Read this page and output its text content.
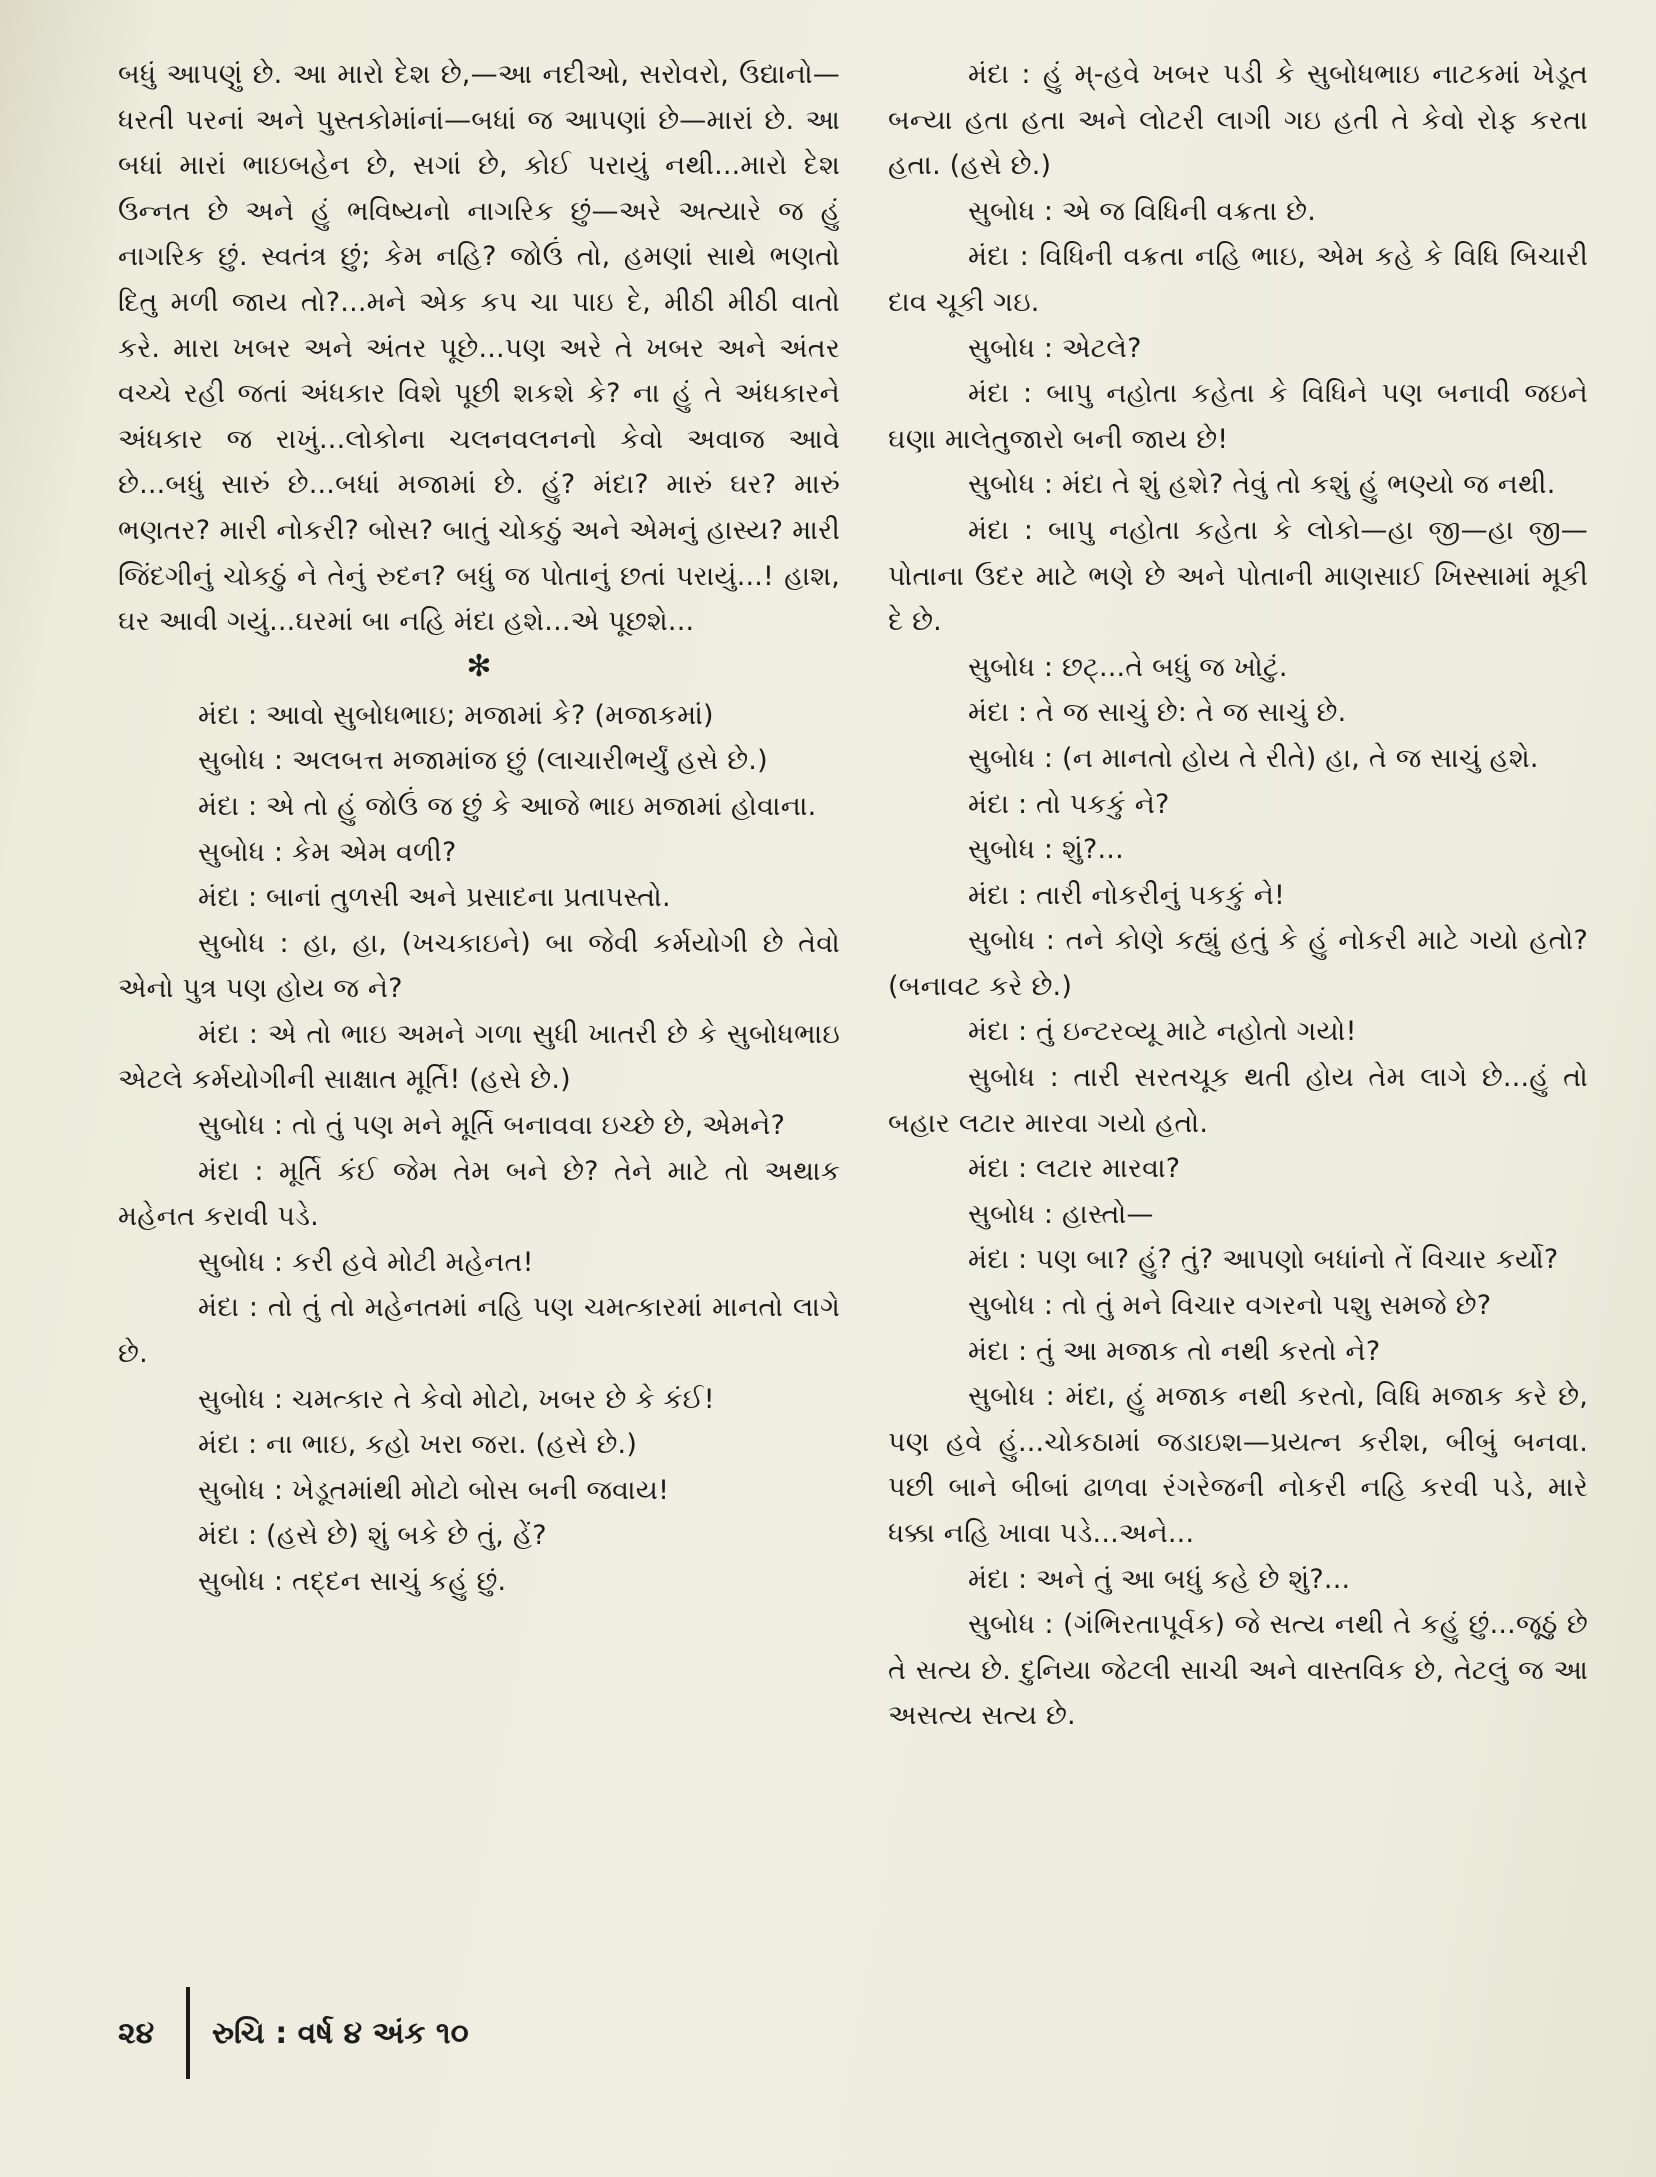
બધું આપણું છે. આ મારો દેશ છે,—આ નદીઓ, સરોવરો, ઉદ્યાનો—ધરતી પરનાં અને પુસ્તકોમાંનાં—બધાં જ આપણાં છે—મારાં છે. આ બધાં મારાં ભાઇબહેન છે, સગાં છે, કોઈ પરાયું નથી...મારો દેશ ઉન્નત છે અને હું ભવિષ્યનો નાગરિક છું—અરે અત્યારે જ હું નાગરિક છું. સ્વતંત્ર છું; કેમ નહિ? જોઉં તો, હમણાં સાથે ભણતો દિતુ મળી જાય તો?...મને એક કપ ચા પાઇ દે, મીઠી મીઠી વાતો કરે. મારા ખબર અને અંતર પૂછે...પણ અરે તે ખબર અને અંતર વચ્ચે રહી જતાં અંધકાર વિશે પૂછી શકશે કે? ના હું તે અંધકારને અંધકાર જ રાખું...લોકોના ચલનવલનનો કેવો અવાજ આવે છે...બધું સારું છે...બધાં મજામાં છે. હું? મંદા? મારું ઘર? મારું ભણતર? મારી નોકરી? બોસ? બાતું ચોકઠું અને એમનું હાસ્ય? મારી જિંદગીનું ચોકઠું ને તેનું રુદન? બધું જ પોતાનું છતાં પરાયું...! હાશ, ઘર આવી ગયું...ઘરમાં બા નહિ મંદા હશે...એ પૂછશે...

✻

મંદા : આવો સુબોધભાઇ; મજામાં કે? (મજાકમાં)

સુબોધ : અલબત્ત મજામાંજ છું (લાચારીભર્યું હસે છે.)

મંદા : એ તો હું જોઉં જ છું કે આજે ભાઇ મજામાં હોવાના.

સુબોધ : કેમ એમ વળી?

મંદા : બાનાં તુળસી અને પ્રસાદના પ્રતાપસ્તો.

સુબોધ : હા, હા, (ખચકાઇને) બા જેવી કર્મયોગી છે તેવો એનો પુત્ર પણ હોય જ ને?

મંદા : એ તો ભાઇ અમને ગળા સુધી ખાતરી છે કે સુબોધભાઇ એટલે કર્મયોગીની સાક્ષાત મૂર્તિ! (હસે છે.)

સુબોધ : તો તું પણ મને મૂર્તિ બનાવવા ઇચ્છે છે, એમને?

મંદા : મૂર્તિ કંઈ જેમ તેમ બને છે? તેને માટે તો અથાક મહેનત કરાવી પડે.

સુબોધ : કરી હવે મોટી મહેનત!

મંદા : તો તું તો મહેનતમાં નહિ પણ ચમત્કારમાં માનતો લાગે છે.

સુબોધ : ચમત્કાર તે કેવો મોટો, ખબર છે કે કંઈ!

મંદા : ના ભાઇ, કહો ખરા જરા. (હસે છે.)

સુબોધ : ખેડૂતમાંથી મોટો બોસ બની જવાય!

મંદા : (હસે છે) શું બકે છે તું, હેં?

સુબોધ : તદ્દન સાચું કહું છું.

મંદા : હું મ્-હવે ખબર પડી કે સુબોધભાઇ નાટકમાં ખેડૂત બન્યા હતા હતા અને લોટરી લાગી ગઇ હતી તે કેવો રોફ કરતા હતા. (હસે છે.)

સુબોધ : એ જ વિધિની વક્રતા છે.

મંદા : વિધિની વક્રતા નહિ ભાઇ, એમ કહે કે વિધિ બિચારી દાવ ચૂકી ગઇ.

સુબોધ : એટલે?

મંદા : બાપુ નહોતા કહેતા કે વિધિને પણ બનાવી જઇને ઘણા માલેતુજારો બની જાય છે!

સુબોધ : મંદા તે શું હશે? તેવું તો કશું હું ભણ્યો જ નથી.

મંદા : બાપુ નહોતા કહેતા કે લોકો—હા જી—હા જી—પોતાના ઉદર માટે ભણે છે અને પોતાની માણસાઈ ખિસ્સામાં મૂકી દે છે.

સુબોધ : છટ્...તે બધું જ ખોટું.

મંદા : તે જ સાચું છે: તે જ સાચું છે.

સુબોધ : (ન માનતો હોય તે રીતે) હા, તે જ સાચું હશે.

મંદા : તો પકકું ને?

સુબોધ : શું?...

મંદા : તારી નોકરીનું પકકું ને!

સુબોધ : તને કોણે કહ્યું હતું કે હું નોકરી માટે ગયો હતો? (બનાવટ કરે છે.)

મંદા : તું ઇન્ટરવ્યૂ માટે નહોતો ગયો!

સુબોધ : તારી સરતચૂક થતી હોય તેમ લાગે છે...હું તો બહાર લટાર મારવા ગયો હતો.

મંદા : લટાર મારવા?

સુબોધ : હાસ્તો—

મંદા : પણ બા? હું? તું? આપણો બધાંનો તેં વિચાર કર્યો?

સુબોધ : તો તું મને વિચાર વગરનો પશુ સમજે છે?

મંદા : તું આ મજાક તો નથી કરતો ને?

સુબોધ : મંદા, હું મજાક નથી કરતો, વિધિ મજાક કરે છે, પણ હવે હું...ચોકઠામાં જડાઇશ—પ્રયત્ન કરીશ, બીબું બનવા. પછી બાને બીબાં ઢાળવા રંગરેજની નોકરી નહિ કરવી પડે, મારે ધક્કા નહિ ખાવા પડે...અને...

મંદા : અને તું આ બધું કહે છે શું?...

સુબોધ : (ગંભિરતાપૂર્વક) જે સત્ય નથી તે કહું છું...જૂઠું છે તે સત્ય છે. દુનિયા જેટલી સાચી અને વાસ્તવિક છે, તેટલું જ આ અસત્ય સત્ય છે.

૨૪	રુચિ : વર્ષ ૪ અંક ૧૦
